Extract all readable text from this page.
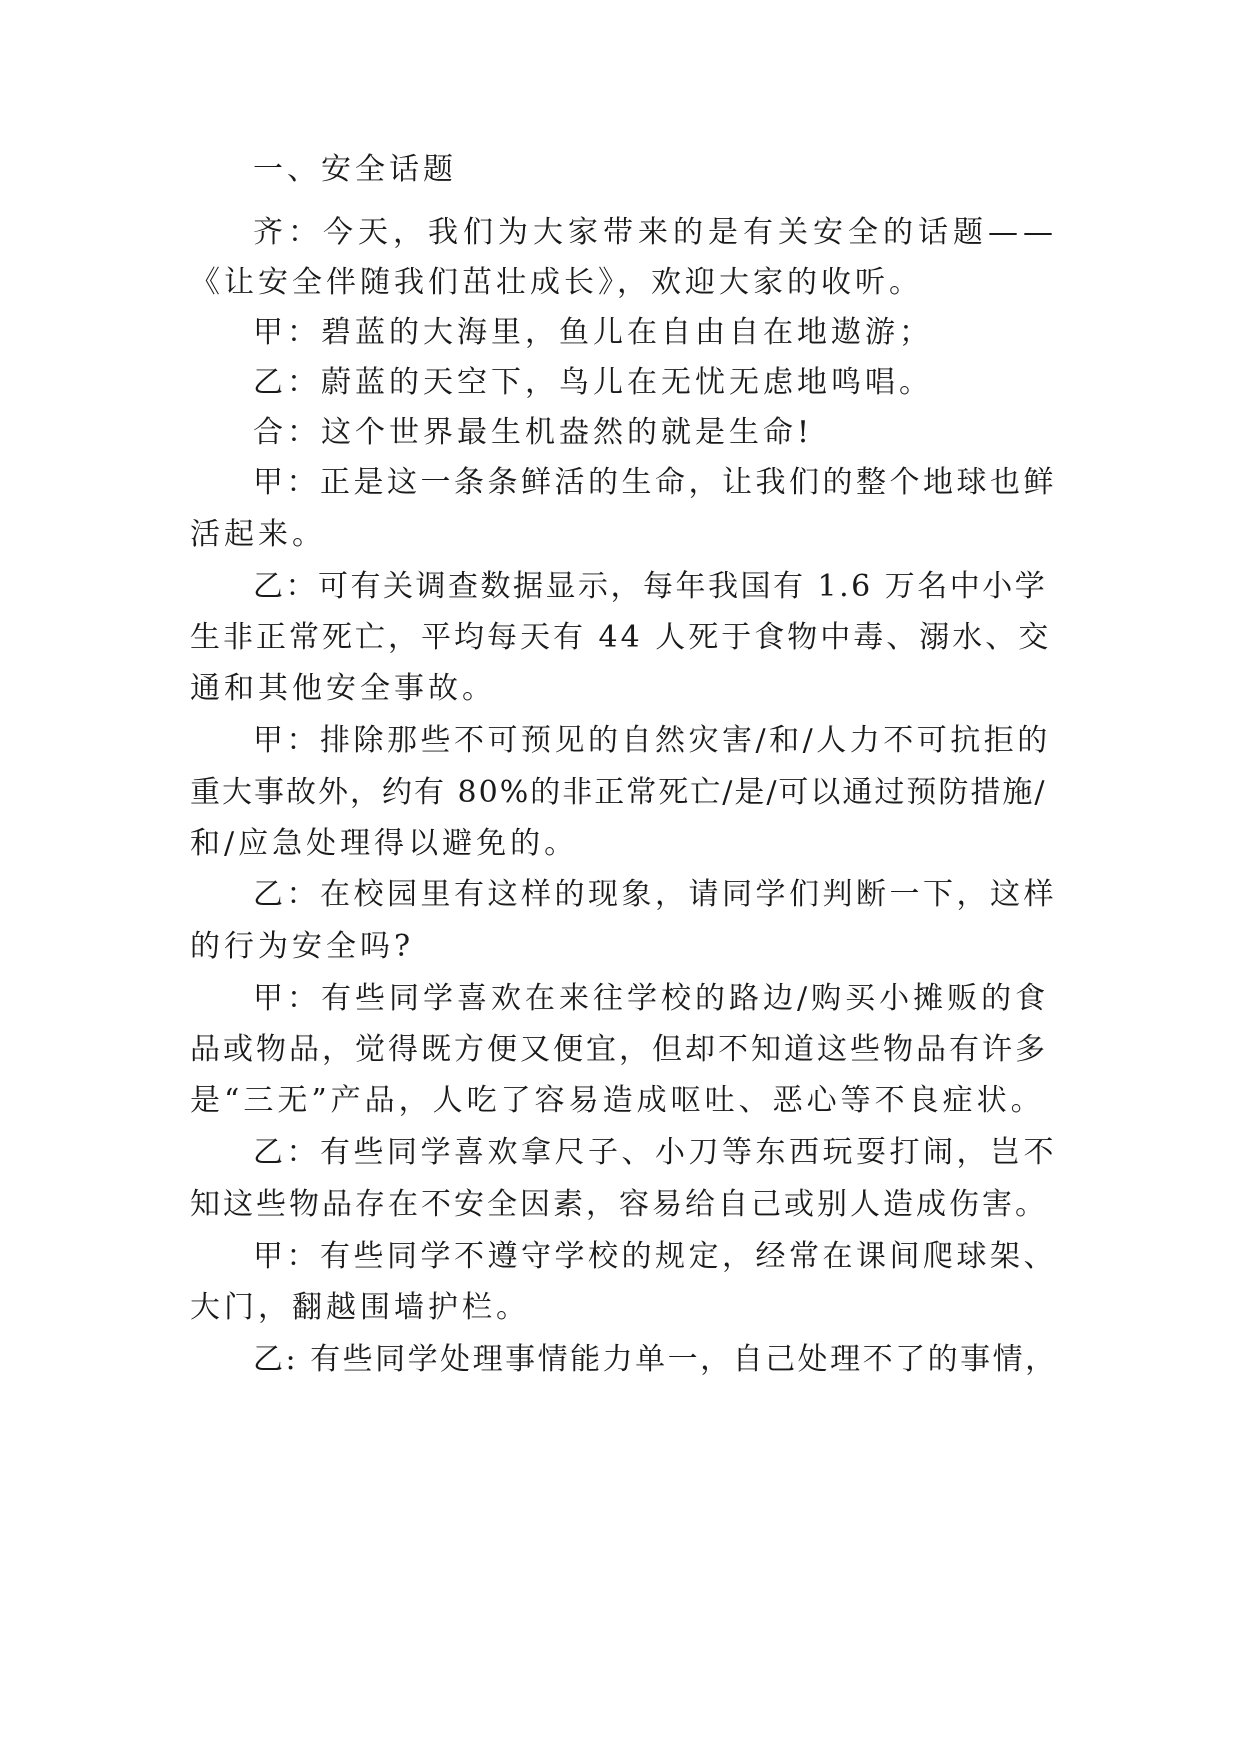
一、安全话题
齐：今天，我们为大家带来的是有关安全的话题——
《让安全伴随我们茁壮成长》，欢迎大家的收听。
甲：碧蓝的大海里，鱼儿在自由自在地遨游；
乙：蔚蓝的天空下，鸟儿在无忧无虑地鸣唱。
合：这个世界最生机盎然的就是生命!
甲：正是这一条条鲜活的生命，让我们的整个地球也鲜
活起来。
乙：可有关调查数据显示，每年我国有 1.6 万名中小学
生非正常死亡，平均每天有 44 人死于食物中毒、溺水、交
通和其他安全事故。
甲：排除那些不可预见的自然灾害/和/人力不可抗拒的
重大事故外，约有 80%的非正常死亡/是/可以通过预防措施/
和/应急处理得以避免的。
乙：在校园里有这样的现象，请同学们判断一下，这样
的行为安全吗?
甲：有些同学喜欢在来往学校的路边/购买小摊贩的食
品或物品，觉得既方便又便宜，但却不知道这些物品有许多
是“三无”产品，人吃了容易造成呕吐、恶心等不良症状。
乙：有些同学喜欢拿尺子、小刀等东西玩耍打闹，岂不
知这些物品存在不安全因素，容易给自己或别人造成伤害。
甲：有些同学不遵守学校的规定，经常在课间爬球架、
大门，翻越围墙护栏。
乙: 有些同学处理事情能力单一，自己处理不了的事情，
